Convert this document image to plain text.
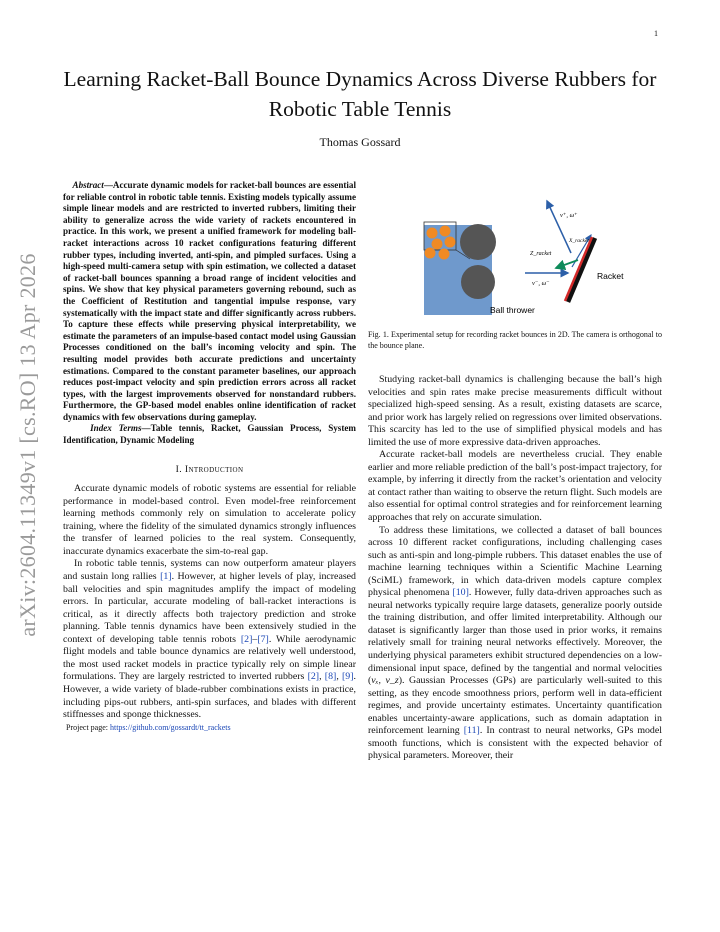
1
arXiv:2604.11349v1 [cs.RO] 13 Apr 2026
Learning Racket-Ball Bounce Dynamics Across Diverse Rubbers for Robotic Table Tennis
Thomas Gossard

Abstract—Accurate dynamic models for racket-ball bounces are essential for reliable control in robotic table tennis. Existing models typically assume simple linear models and are restricted to inverted rubbers, limiting their ability to generalize across the wide variety of rackets encountered in practice. In this work, we present a unified framework for modeling ball-racket interactions across 10 racket configurations featuring different rubber types, including inverted, anti-spin, and pimpled surfaces. Using a high-speed multi-camera setup with spin estimation, we collected a dataset of racket-ball bounces spanning a broad range of incident velocities and spins. We show that key physical parameters governing rebound, such as the Coefficient of Restitution and tangential impulse response, vary systematically with the impact state and differ significantly across rubbers. To capture these effects while preserving physical interpretability, we estimate the parameters of an impulse-based contact model using Gaussian Processes conditioned on the ball’s incoming velocity and spin. The resulting model provides both accurate predictions and uncertainty estimations. Compared to the constant parameter baselines, our approach reduces post-impact velocity and spin prediction errors across all racket types, with the largest improvements observed for nonstandard rubbers. Furthermore, the GP-based model enables online identification of racket dynamics with few observations during gameplay.

Index Terms—Table tennis, Racket, Gaussian Process, System Identification, Dynamic Modeling

I. Introduction

Accurate dynamic models of robotic systems are essential for reliable performance in model-based control. Even model-free reinforcement learning methods commonly rely on simulation to accelerate policy training, where the fidelity of the simulated dynamics strongly influences the transfer of learned policies to the real system. Consequently, inaccurate dynamics exacerbate the sim-to-real gap.

In robotic table tennis, systems can now outperform amateur players and sustain long rallies [1]. However, at higher levels of play, increased ball velocities and spin magnitudes amplify the impact of modeling errors. In particular, accurate modeling of ball-racket interactions is critical, as it directly affects both trajectory prediction and stroke planning. Table tennis dynamics have been extensively studied in the context of developing table tennis robots [2]–[7]. While aerodynamic flight models and table bounce dynamics are relatively well understood, the most used racket models in practice typically rely on simple linear formulations. They are largely restricted to inverted rubbers [2], [8], [9]. However, a wide variety of blade-rubber combinations exists in practice, including pips-out rubbers, anti-spin surfaces, and blades with different stiffnesses and sponge thicknesses.

Project page: https://github.com/gossardt/tt_rackets

Ball thrower
v⁻, ω⁻
v⁺, ω⁺
X_racket
Z_racket
Racket
Fig. 1. Experimental setup for recording racket bounces in 2D. The camera is orthogonal to the bounce plane.

Studying racket-ball dynamics is challenging because the ball’s high velocities and spin rates make precise measurements difficult without specialized high-speed sensing. As a result, existing datasets are scarce, and prior work has largely relied on regressions over limited observations. This scarcity has led to the use of simplified physical models and has limited the use of more expressive data-driven approaches.

Accurate racket-ball models are nevertheless crucial. They enable earlier and more reliable prediction of the ball’s post-impact trajectory, for example, by inferring it directly from the racket’s orientation and velocity at contact rather than waiting to observe the return flight. Such models are also essential for optimal control strategies and for reinforcement learning approaches that rely on accurate simulation.

To address these limitations, we collected a dataset of ball bounces across 10 different racket configurations, including challenging cases such as anti-spin and long-pimple rubbers. This dataset enables the use of machine learning techniques within a Scientific Machine Learning (SciML) framework, in which data-driven models capture complex physical phenomena [10]. However, fully data-driven approaches such as neural networks typically require large datasets, generalize poorly outside the training distribution, and offer limited interpretability. Although our dataset is significantly larger than those used in prior works, it remains relatively small for training neural networks effectively. Moreover, the underlying physical parameters exhibit structured dependencies on a low-dimensional input space, defined by the tangential and normal velocities (vₓ, v_z). Gaussian Processes (GPs) are particularly well-suited to this setting, as they encode smoothness priors, perform well in data-efficient regimes, and provide uncertainty estimates. Uncertainty quantification enables uncertainty-aware applications, such as domain adaptation in reinforcement learning [11]. In contrast to neural networks, GPs model smooth functions, which is consistent with the expected behavior of physical parameters. Moreover, their
